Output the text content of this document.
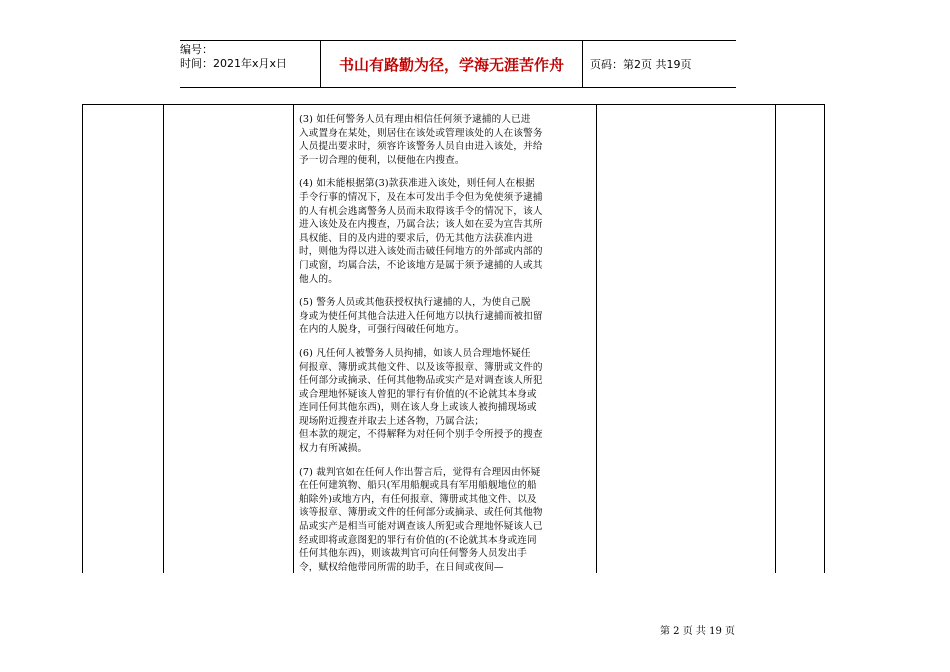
编号：
时间：2021年x月x日	书山有路勤为径，学海无涯苦作舟	页码：第2页 共19页

(3) 如任何警务人员有理由相信任何须予逮捕的人已进
入或置身在某处，则居住在该处或管理该处的人在该警务
人员提出要求时，须容许该警务人员自由进入该处，并给
予一切合理的便利，以便他在内搜查。

(4) 如未能根据第(3)款获准进入该处，则任何人在根据
手令行事的情况下，及在本可发出手令但为免使须予逮捕
的人有机会逃离警务人员而未取得该手令的情况下，该人
进入该处及在内搜查，乃属合法；该人如在妥为宣告其所
具权能、目的及内进的要求后，仍无其他方法获准内进
时，则他为得以进入该处而击破任何地方的外部或内部的
门或窗，均属合法，不论该地方是属于须予逮捕的人或其
他人的。

(5) 警务人员或其他获授权执行逮捕的人，为使自己脱
身或为使任何其他合法进入任何地方以执行逮捕而被扣留
在内的人脱身，可强行闯破任何地方。

(6) 凡任何人被警务人员拘捕，如该人员合理地怀疑任
何报章、簿册或其他文件、以及该等报章、簿册或文件的
任何部分或摘录、任何其他物品或实产是对调查该人所犯
或合理地怀疑该人曾犯的罪行有价值的(不论就其本身或
连同任何其他东西)，则在该人身上或该人被拘捕现场或
现场附近搜查并取去上述各物，乃属合法；
但本款的规定，不得解释为对任何个别手令所授予的搜查
权力有所减损。

(7) 裁判官如在任何人作出誓言后，觉得有合理因由怀疑
在任何建筑物、船只(军用船舰或具有军用船舰地位的船
舶除外)或地方内，有任何报章、簿册或其他文件、以及
该等报章、簿册或文件的任何部分或摘录、或任何其他物
品或实产是相当可能对调查该人所犯或合理地怀疑该人已
经或即将或意图犯的罪行有价值的(不论就其本身或连同
任何其他东西)，则该裁判官可向任何警务人员发出手
令，赋权给他带同所需的助手，在日间或夜间—

第 2 页 共 19 页
